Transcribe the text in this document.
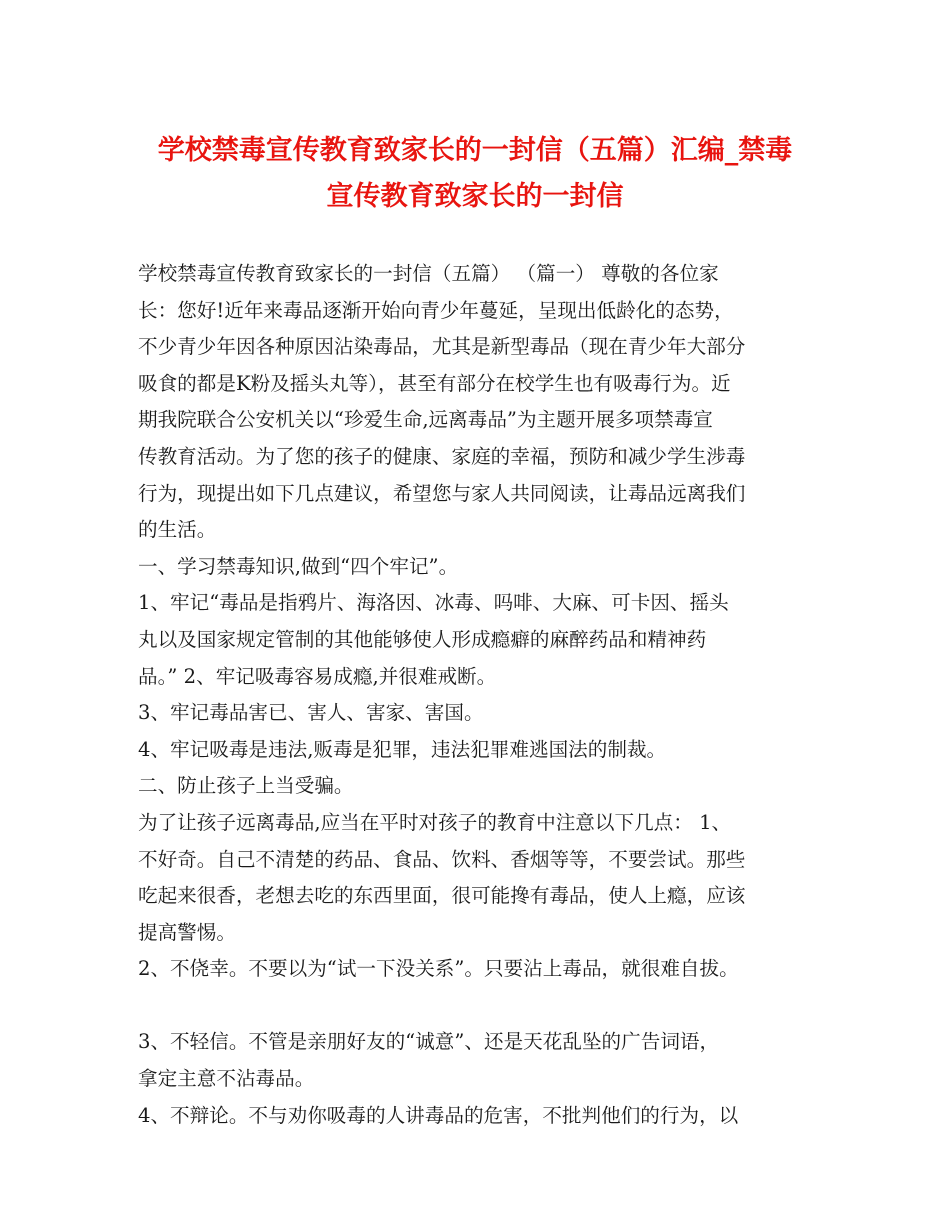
学校禁毒宣传教育致家长的一封信（五篇）汇编_禁毒
宣传教育致家长的一封信
学校禁毒宣传教育致家长的一封信（五篇） （篇一） 尊敬的各位家
长：您好!近年来毒品逐渐开始向青少年蔓延，呈现出低龄化的态势，
不少青少年因各种原因沾染毒品，尤其是新型毒品（现在青少年大部分
吸食的都是K粉及摇头丸等），甚至有部分在校学生也有吸毒行为。近
期我院联合公安机关以“珍爱生命,远离毒品”为主题开展多项禁毒宣
传教育活动。为了您的孩子的健康、家庭的幸福，预防和减少学生涉毒
行为，现提出如下几点建议，希望您与家人共同阅读，让毒品远离我们
的生活。
一、学习禁毒知识,做到“四个牢记”。
1、牢记“毒品是指鸦片、海洛因、冰毒、吗啡、大麻、可卡因、摇头
丸以及国家规定管制的其他能够使人形成瘾癖的麻醉药品和精神药
品。” 2、牢记吸毒容易成瘾,并很难戒断。
3、牢记毒品害已、害人、害家、害国。
4、牢记吸毒是违法,贩毒是犯罪，违法犯罪难逃国法的制裁。
二、防止孩子上当受骗。
为了让孩子远离毒品,应当在平时对孩子的教育中注意以下几点： 1、
不好奇。自己不清楚的药品、食品、饮料、香烟等等，不要尝试。那些
吃起来很香，老想去吃的东西里面，很可能搀有毒品，使人上瘾，应该
提高警惕。
2、不侥幸。不要以为“试一下没关系”。只要沾上毒品，就很难自拔。
3、不轻信。不管是亲朋好友的“诚意”、还是天花乱坠的广告词语，
拿定主意不沾毒品。
4、不辩论。不与劝你吸毒的人讲毒品的危害，不批判他们的行为，以
